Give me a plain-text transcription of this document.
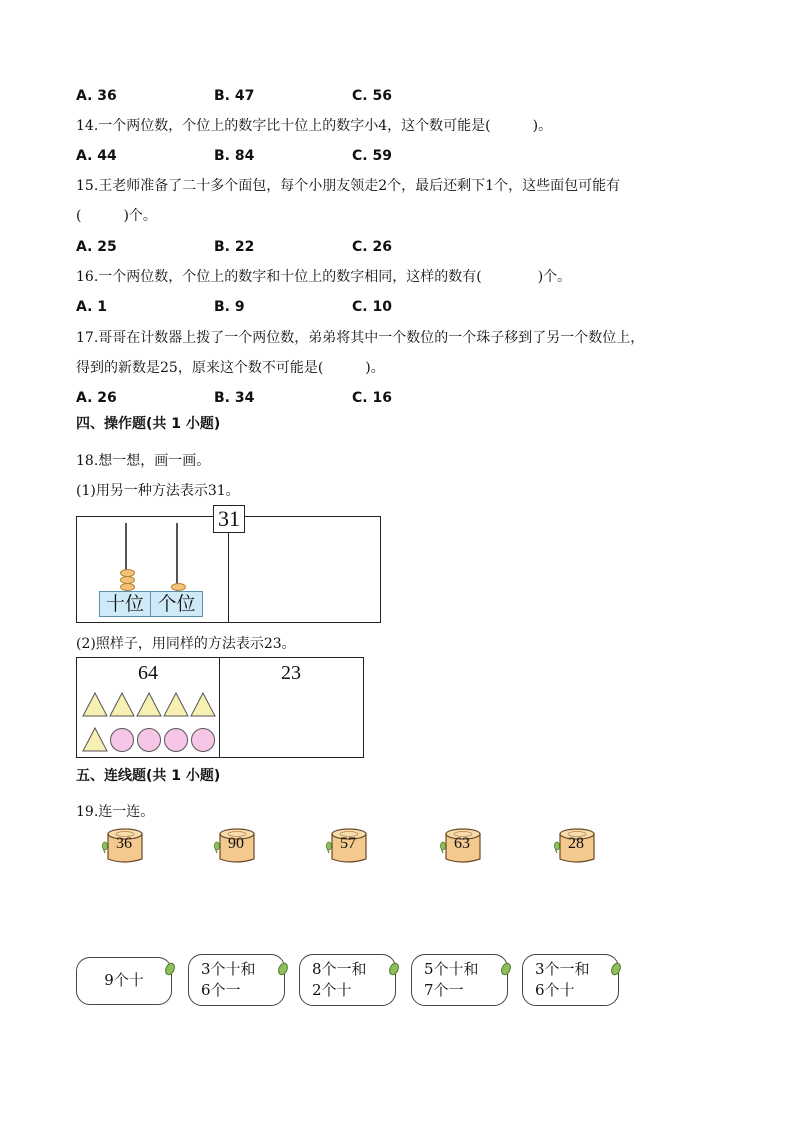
A. 36	B. 47	C. 56
14.一个两位数，个位上的数字比十位上的数字小4，这个数可能是(　　　)。
A. 44	B. 84	C. 59
15.王老师准备了二十多个面包，每个小朋友领走2个，最后还剩下1个，这些面包可能有
(　　　)个。
A. 25	B. 22	C. 26
16.一个两位数，个位上的数字和十位上的数字相同，这样的数有(　　　　)个。
A. 1	B. 9	C. 10
17.哥哥在计数器上拨了一个两位数，弟弟将其中一个数位的一个珠子移到了另一个数位上，
得到的新数是25，原来这个数不可能是(　　　)。
A. 26	B. 34	C. 16
四、操作题(共 1 小题)
18.想一想，画一画。
(1)用另一种方法表示31。
十位 个位
31
(2)照样子，用同样的方法表示23。
64	23
五、连线题(共 1 小题)
19.连一连。
36	90	57	63	28
9个十
3个十和
6个一
8个一和
2个十
5个十和
7个一
3个一和
6个十
